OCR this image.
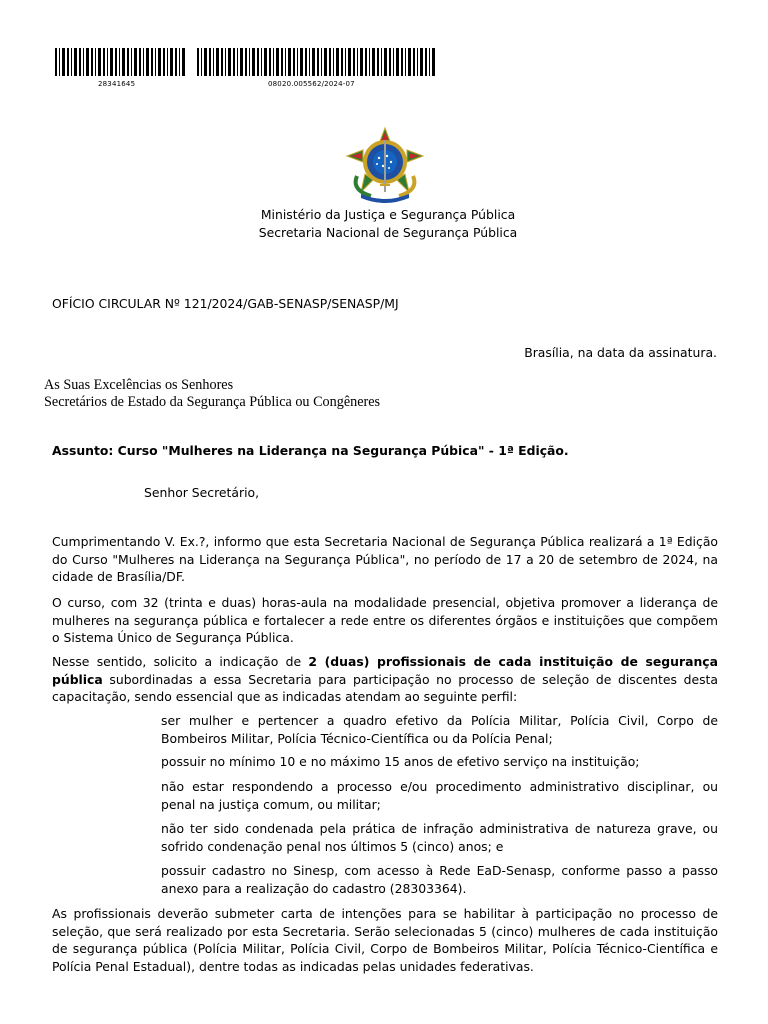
28341645	08020.005562/2024-07
Ministério da Justiça e Segurança Pública
Secretaria Nacional de Segurança Pública
OFÍCIO CIRCULAR Nº 121/2024/GAB-SENASP/SENASP/MJ
Brasília, na data da assinatura.
As Suas Excelências os Senhores
Secretários de Estado da Segurança Pública ou Congêneres
Assunto: Curso "Mulheres na Liderança na Segurança Púbica" - 1ª Edição.
Senhor Secretário,

Cumprimentando V. Ex.?, informo que esta Secretaria Nacional de Segurança Pública realizará a 1ª Edição do Curso "Mulheres na Liderança na Segurança Pública", no período de 17 a 20 de setembro de 2024, na cidade de Brasília/DF.

O curso, com 32 (trinta e duas) horas-aula na modalidade presencial, objetiva promover a liderança de mulheres na segurança pública e fortalecer a rede entre os diferentes órgãos e instituições que compõem o Sistema Único de Segurança Pública.

Nesse sentido, solicito a indicação de 2 (duas) profissionais de cada instituição de segurança pública subordinadas a essa Secretaria para participação no processo de seleção de discentes desta capacitação, sendo essencial que as indicadas atendam ao seguinte perfil:

ser mulher e pertencer a quadro efetivo da Polícia Militar, Polícia Civil, Corpo de Bombeiros Militar, Polícia Técnico-Científica ou da Polícia Penal;
possuir no mínimo 10 e no máximo 15 anos de efetivo serviço na instituição;
não estar respondendo a processo e/ou procedimento administrativo disciplinar, ou penal na justiça comum, ou militar;
não ter sido condenada pela prática de infração administrativa de natureza grave, ou sofrido condenação penal nos últimos 5 (cinco) anos; e
possuir cadastro no Sinesp, com acesso à Rede EaD-Senasp, conforme passo a passo anexo para a realização do cadastro (28303364).

As profissionais deverão submeter carta de intenções para se habilitar à participação no processo de seleção, que será realizado por esta Secretaria. Serão selecionadas 5 (cinco) mulheres de cada instituição de segurança pública (Polícia Militar, Polícia Civil, Corpo de Bombeiros Militar, Polícia Técnico-Científica e Polícia Penal Estadual), dentre todas as indicadas pelas unidades federativas.
